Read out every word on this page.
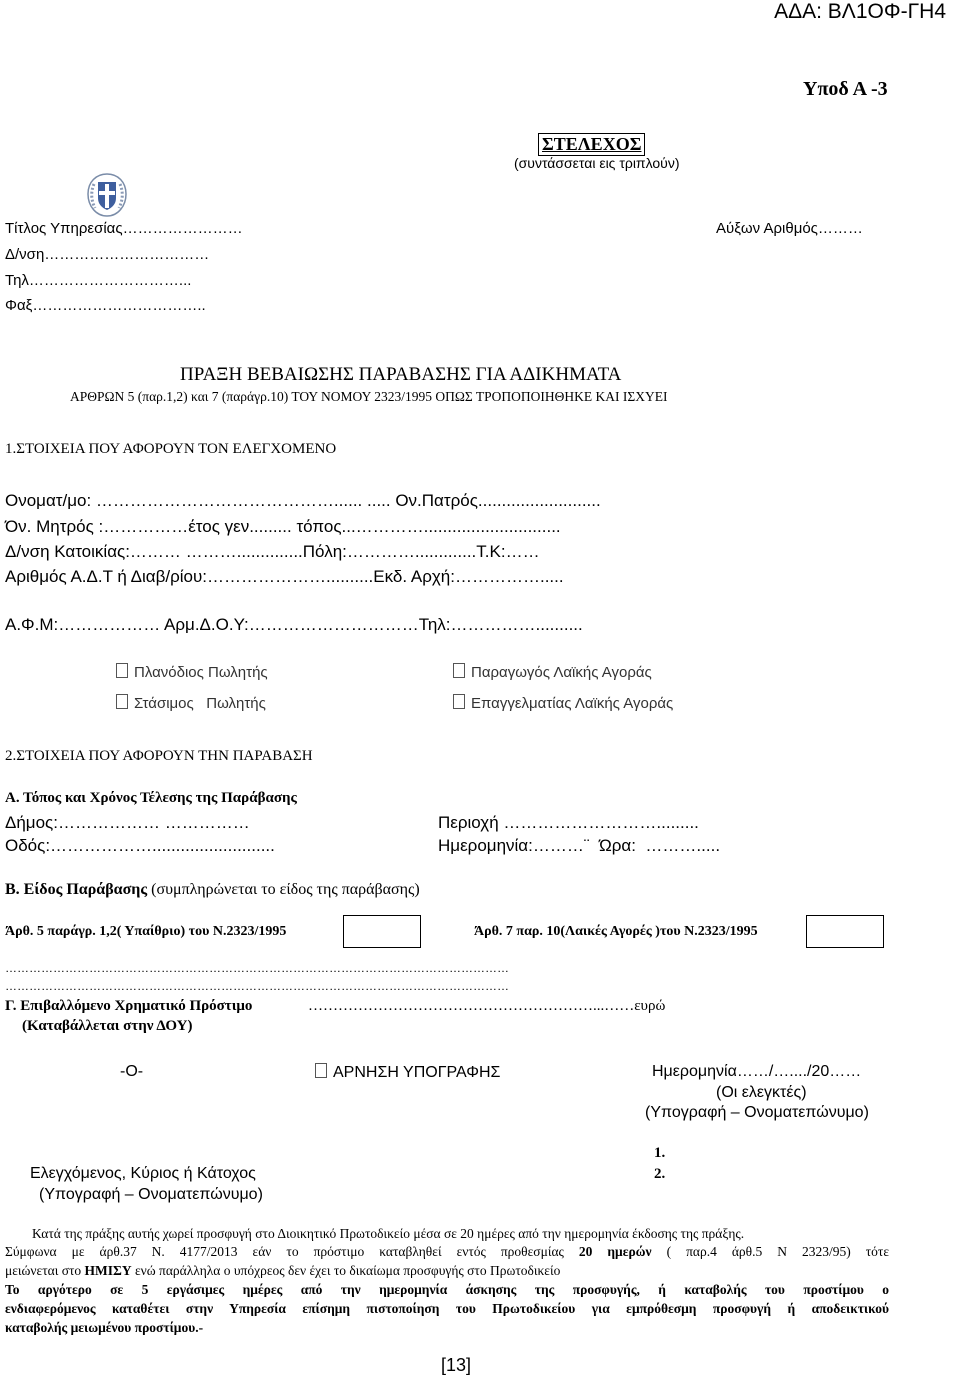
ΑΔΑ: ΒΛ1ΟΦ-ΓΗ4
Υποδ Α -3
ΣΤΕΛΕΧΟΣ
(συντάσσεται εις τριπλούν)
Τίτλος Υπηρεσίας……………………
Δ/νση……………………………
Τηλ…………………………...
Φαξ……………………………..
Αύξων Αριθμός………
ΠΡΑΞΗ ΒΕΒΑΙΩΣΗΣ ΠΑΡΑΒΑΣΗΣ ΓΙΑ ΑΔΙΚΗΜΑΤΑ
ΑΡΘΡΩΝ 5 (παρ.1,2) και 7 (παράγρ.10) ΤΟΥ ΝΟΜΟΥ 2323/1995 ΟΠΩΣ ΤΡΟΠΟΠΟΙΗΘΗΚΕ ΚΑΙ ΙΣΧΥΕΙ
1.ΣΤΟΙΧΕΙΑ ΠΟΥ ΑΦΟΡΟΥΝ ΤΟΝ ΕΛΕΓΧΟΜΕΝΟ
Ονοματ/μο: ……………………………………...... ..... Ον.Πατρός..........................
Όν. Μητρός :……………έτος γεν......... τόπος...………….............................
Δ/νση Κατοικίας:……… ………..............Πόλη:………….............Τ.Κ:……
Αριθμός Α.Δ.Τ ή Διαβ/ρίου:…………………..........Εκδ. Αρχή:…………….....
Α.Φ.Μ:……………… Αρμ.Δ.Ο.Υ:…………………………Τηλ:……………..........
Πλανόδιος Πωλητής	Παραγωγός Λαϊκής Αγοράς
Στάσιμος   Πωλητής	Επαγγελματίας Λαϊκής Αγοράς
2.ΣΤΟΙΧΕΙΑ ΠΟΥ ΑΦΟΡΟΥΝ ΤΗΝ ΠΑΡΑΒΑΣΗ
Α. Τόπος και Χρόνος Τέλεσης της Παράβασης
Δήμος:……………… ……………	Περιοχή ……………………….........
Οδός:………………..........................	Ημερομηνία:………¨  Ώρα:  ……….....
Β. Είδος Παράβασης (συμπληρώνεται το είδος της παράβασης)
Άρθ. 5 παράγρ. 1,2( Υπαίθριο) του Ν.2323/1995	Άρθ. 7 παρ. 10(Λαικές Αγορές )του Ν.2323/1995
………………………………………………………………………………………………………………
………………………………………………………………………………………………………………
Γ. Επιβαλλόμενο Χρηματικό Πρόστιμο	…………………………………………………...……ευρώ
(Καταβάλλεται στην ΔΟΥ)
-Ο-	ΑΡΝΗΣΗ ΥΠΟΓΡΑΦΗΣ	Ημερομηνία……/…..../20……
(Οι ελεγκτές)
(Υπογραφή – Ονοματεπώνυμο)
1.
2.
Ελεγχόμενος, Κύριος ή Κάτοχος
(Υπογραφή – Ονοματεπώνυμο)
Κατά της πράξης αυτής χωρεί προσφυγή στο Διοικητικό Πρωτοδικείο μέσα σε 20 ημέρες από την ημερομηνία έκδοσης της πράξης.
Σύμφωνα με άρθ.37 Ν. 4177/2013 εάν το πρόστιμο καταβληθεί εντός προθεσμίας 20 ημερών ( παρ.4 άρθ.5 Ν 2323/95) τότε
μειώνεται στο ΗΜΙΣΥ ενώ παράλληλα ο υπόχρεος δεν έχει το δικαίωμα προσφυγής στο Πρωτοδικείο
Το αργότερο σε 5 εργάσιμες ημέρες από την ημερομηνία άσκησης της προσφυγής, ή καταβολής του προστίμου ο
ενδιαφερόμενος καταθέτει στην Υπηρεσία επίσημη πιστοποίηση του Πρωτοδικείου για εμπρόθεσμη προσφυγή ή αποδεικτικού
καταβολής μειωμένου προστίμου.-
[13]
